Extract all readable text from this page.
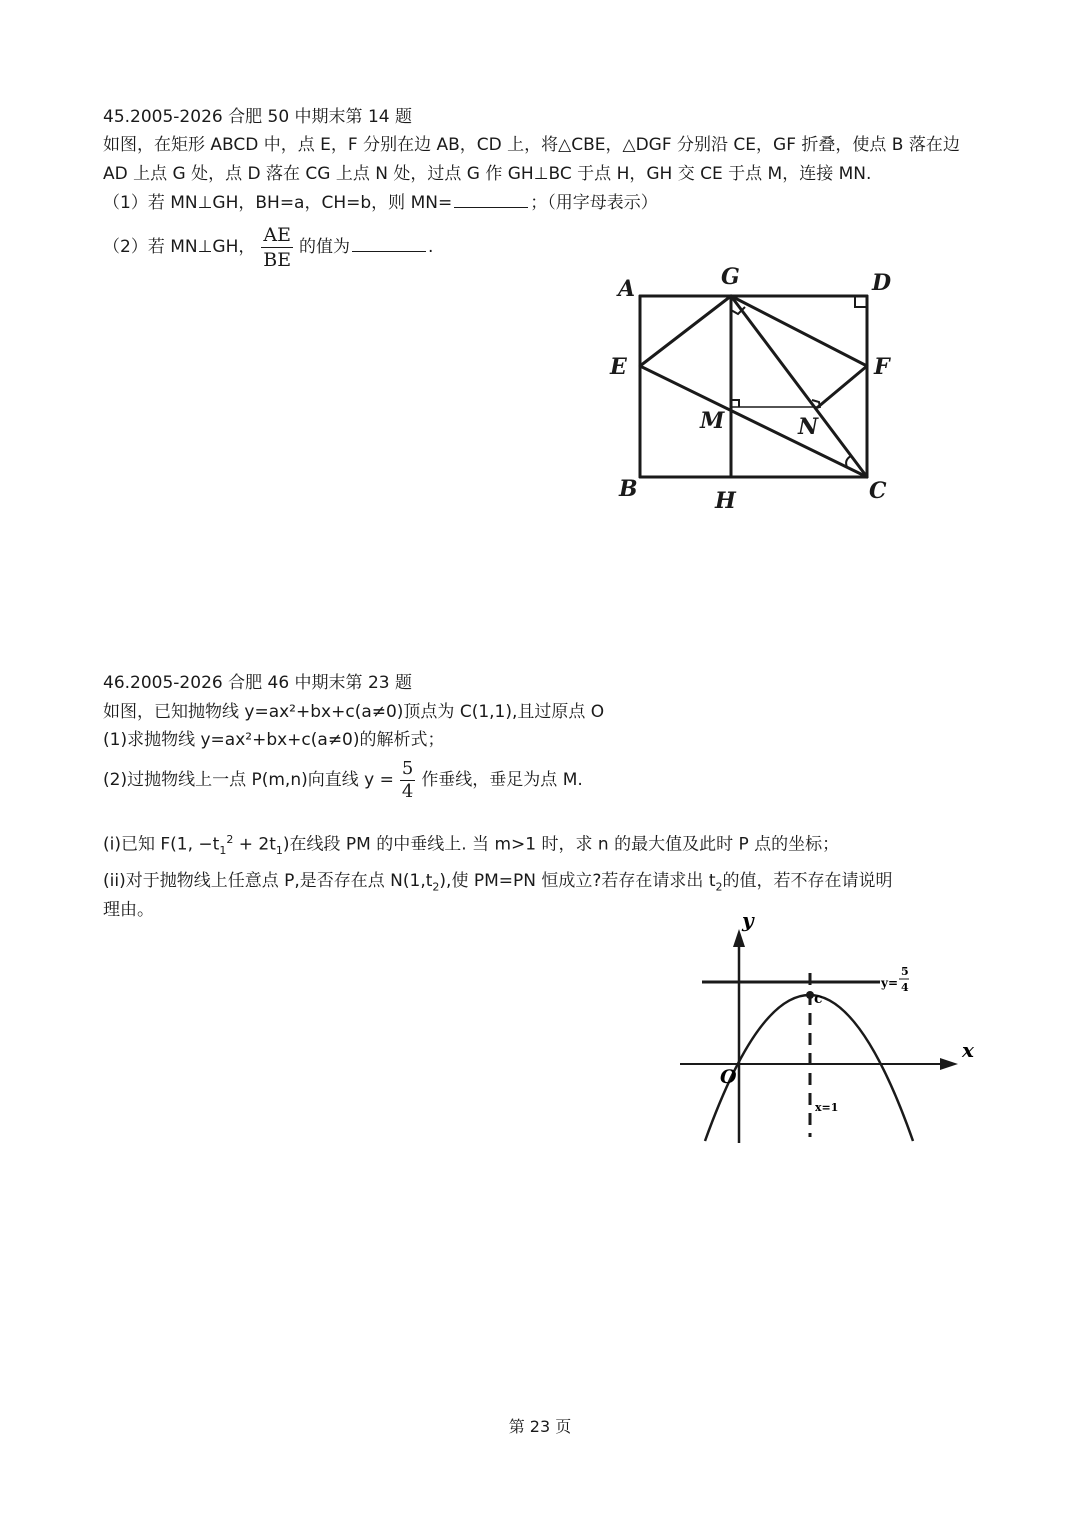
45.2005-2026 合肥 50 中期末第 14 题
如图，在矩形 ABCD 中，点 E，F 分别在边 AB，CD 上，将△CBE，△DGF 分别沿 CE，GF 折叠，使点 B 落在边
AD 上点 G 处，点 D 落在 CG 上点 N 处，过点 G 作 GH⊥BC 于点 H，GH 交 CE 于点 M，连接 MN.
（1）若 MN⊥GH，BH=a，CH=b，则 MN=	；（用字母表示）
（2）若 MN⊥GH， $\frac{AE}{BE}$ 的值为	.
A	G	D
E	F
M	N
B	H	C
46.2005-2026 合肥 46 中期末第 23 题
如图，已知抛物线 y=ax²+bx+c(a≠0)顶点为 C(1,1),且过原点 O
(1)求抛物线 y=ax²+bx+c(a≠0)的解析式；
(2)过抛物线上一点 P(m,n)向直线 $y = \frac{5}{4}$ 作垂线，垂足为点 M.
(i)已知 F(1, $-t_1^2 + 2t_1$)在线段 PM 的中垂线上. 当 m>1 时，求 n 的最大值及此时 P 点的坐标；
(ii)对于抛物线上任意点 P,是否存在点 $N(1,t_2)$,使 PM=PN 恒成立?若存在请求出 $t_2$的值，若不存在请说明
理由。	y
x
O
c
y=
5
4
x=1
第 23 页
